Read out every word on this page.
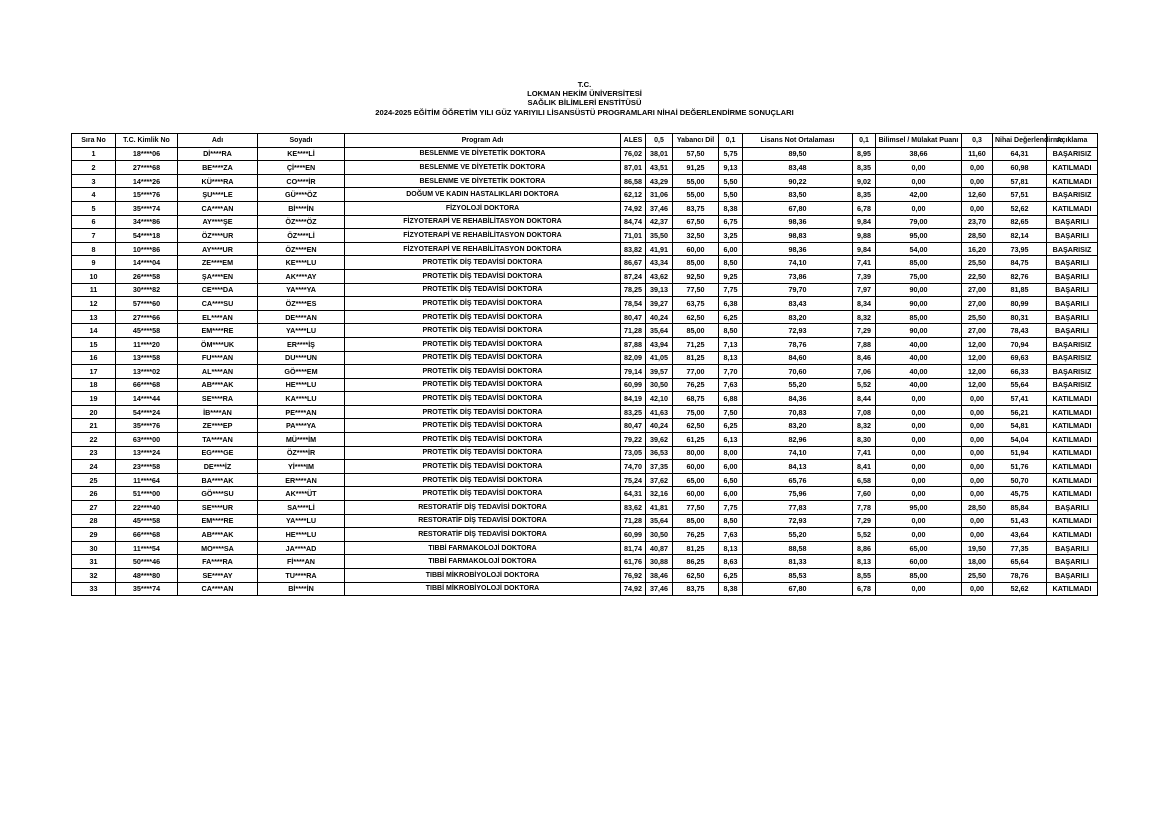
T.C.
LOKMAN HEKİM ÜNİVERSİTESİ
SAĞLIK BİLİMLERİ ENSTİTÜSÜ
2024-2025 EĞİTİM ÖĞRETİM YILI GÜZ YARIYILI LİSANSÜSTÜ PROGRAMLARI NİHAİ DEĞERLENDİRME SONUÇLARI
Sıra No	T.C. Kimlik No	Adı	Soyadı	Program Adı	ALES	0,5	Yabancı Dil	0,1	Lisans Not Ortalaması	0,1	Bilimsel / Mülakat Puanı	0,3	Nihai Değerlendirme	Açıklama
1	18****06	Dİ****RA	KE****Lİ	BESLENME VE DİYETETİK DOKTORA	76,02	38,01	57,50	5,75	89,50	8,95	38,66	11,60	64,31	BAŞARISIZ
2	27****68	BE****ZA	Çİ****EN	BESLENME VE DİYETETİK DOKTORA	87,01	43,51	91,25	9,13	83,48	8,35	0,00	0,00	60,98	KATILMADI
3	14****26	KÜ****RA	CO****İR	BESLENME VE DİYETETİK DOKTORA	86,58	43,29	55,00	5,50	90,22	9,02	0,00	0,00	57,81	KATILMADI
4	15****76	ŞU****LE	GÜ****ÖZ	DOĞUM VE KADIN HASTALIKLARI DOKTORA	62,12	31,06	55,00	5,50	83,50	8,35	42,00	12,60	57,51	BAŞARISIZ
5	35****74	CA****AN	Bİ****İN	FİZYOLOJİ DOKTORA	74,92	37,46	83,75	8,38	67,80	6,78	0,00	0,00	52,62	KATILMADI
6	34****86	AY****ŞE	ÖZ****ÖZ	FİZYOTERAPİ VE REHABİLİTASYON DOKTORA	84,74	42,37	67,50	6,75	98,36	9,84	79,00	23,70	82,65	BAŞARILI
7	54****18	ÖZ****UR	ÖZ****Lİ	FİZYOTERAPİ VE REHABİLİTASYON DOKTORA	71,01	35,50	32,50	3,25	98,83	9,88	95,00	28,50	82,14	BAŞARILI
8	10****86	AY****UR	ÖZ****EN	FİZYOTERAPİ VE REHABİLİTASYON DOKTORA	83,82	41,91	60,00	6,00	98,36	9,84	54,00	16,20	73,95	BAŞARISIZ
9	14****04	ZE****EM	KE****LU	PROTETİK DİŞ TEDAVİSİ DOKTORA	86,67	43,34	85,00	8,50	74,10	7,41	85,00	25,50	84,75	BAŞARILI
10	26****58	ŞA****EN	AK****AY	PROTETİK DİŞ TEDAVİSİ DOKTORA	87,24	43,62	92,50	9,25	73,86	7,39	75,00	22,50	82,76	BAŞARILI
11	30****82	CE****DA	YA****YA	PROTETİK DİŞ TEDAVİSİ DOKTORA	78,25	39,13	77,50	7,75	79,70	7,97	90,00	27,00	81,85	BAŞARILI
12	57****60	CA****SU	ÖZ****ES	PROTETİK DİŞ TEDAVİSİ DOKTORA	78,54	39,27	63,75	6,38	83,43	8,34	90,00	27,00	80,99	BAŞARILI
13	27****66	EL****AN	DE****AN	PROTETİK DİŞ TEDAVİSİ DOKTORA	80,47	40,24	62,50	6,25	83,20	8,32	85,00	25,50	80,31	BAŞARILI
14	45****58	EM****RE	YA****LU	PROTETİK DİŞ TEDAVİSİ DOKTORA	71,28	35,64	85,00	8,50	72,93	7,29	90,00	27,00	78,43	BAŞARILI
15	11****20	ÖM****UK	ER****İŞ	PROTETİK DİŞ TEDAVİSİ DOKTORA	87,88	43,94	71,25	7,13	78,76	7,88	40,00	12,00	70,94	BAŞARISIZ
16	13****58	FU****AN	DU****UN	PROTETİK DİŞ TEDAVİSİ DOKTORA	82,09	41,05	81,25	8,13	84,60	8,46	40,00	12,00	69,63	BAŞARISIZ
17	13****02	AL****AN	GÖ****EM	PROTETİK DİŞ TEDAVİSİ DOKTORA	79,14	39,57	77,00	7,70	70,60	7,06	40,00	12,00	66,33	BAŞARISIZ
18	66****68	AB****AK	HE****LU	PROTETİK DİŞ TEDAVİSİ DOKTORA	60,99	30,50	76,25	7,63	55,20	5,52	40,00	12,00	55,64	BAŞARISIZ
19	14****44	SE****RA	KA****LU	PROTETİK DİŞ TEDAVİSİ DOKTORA	84,19	42,10	68,75	6,88	84,36	8,44	0,00	0,00	57,41	KATILMADI
20	54****24	İB****AN	PE****AN	PROTETİK DİŞ TEDAVİSİ DOKTORA	83,25	41,63	75,00	7,50	70,83	7,08	0,00	0,00	56,21	KATILMADI
21	35****76	ZE****EP	PA****YA	PROTETİK DİŞ TEDAVİSİ DOKTORA	80,47	40,24	62,50	6,25	83,20	8,32	0,00	0,00	54,81	KATILMADI
22	63****00	TA****AN	MÜ****İM	PROTETİK DİŞ TEDAVİSİ DOKTORA	79,22	39,62	61,25	6,13	82,96	8,30	0,00	0,00	54,04	KATILMADI
23	13****24	EG****GE	ÖZ****İR	PROTETİK DİŞ TEDAVİSİ DOKTORA	73,05	36,53	80,00	8,00	74,10	7,41	0,00	0,00	51,94	KATILMADI
24	23****58	DE****İZ	Yİ****IM	PROTETİK DİŞ TEDAVİSİ DOKTORA	74,70	37,35	60,00	6,00	84,13	8,41	0,00	0,00	51,76	KATILMADI
25	11****64	BA****AK	ER****AN	PROTETİK DİŞ TEDAVİSİ DOKTORA	75,24	37,62	65,00	6,50	65,76	6,58	0,00	0,00	50,70	KATILMADI
26	51****00	GÖ****SU	AK****ÜT	PROTETİK DİŞ TEDAVİSİ DOKTORA	64,31	32,16	60,00	6,00	75,96	7,60	0,00	0,00	45,75	KATILMADI
27	22****40	SE****UR	SA****Lİ	RESTORATİF DİŞ TEDAVİSİ DOKTORA	83,62	41,81	77,50	7,75	77,83	7,78	95,00	28,50	85,84	BAŞARILI
28	45****58	EM****RE	YA****LU	RESTORATİF DİŞ TEDAVİSİ DOKTORA	71,28	35,64	85,00	8,50	72,93	7,29	0,00	0,00	51,43	KATILMADI
29	66****68	AB****AK	HE****LU	RESTORATİF DİŞ TEDAVİSİ DOKTORA	60,99	30,50	76,25	7,63	55,20	5,52	0,00	0,00	43,64	KATILMADI
30	11****54	MO****SA	JA****AD	TIBBİ FARMAKOLOJİ DOKTORA	81,74	40,87	81,25	8,13	88,58	8,86	65,00	19,50	77,35	BAŞARILI
31	50****46	FA****RA	Fİ****AN	TIBBİ FARMAKOLOJİ DOKTORA	61,76	30,88	86,25	8,63	81,33	8,13	60,00	18,00	65,64	BAŞARILI
32	48****80	SE****AY	TU****RA	TIBBİ MİKROBİYOLOJİ DOKTORA	76,92	38,46	62,50	6,25	85,53	8,55	85,00	25,50	78,76	BAŞARILI
33	35****74	CA****AN	Bİ****İN	TIBBİ MİKROBİYOLOJİ DOKTORA	74,92	37,46	83,75	8,38	67,80	6,78	0,00	0,00	52,62	KATILMADI
